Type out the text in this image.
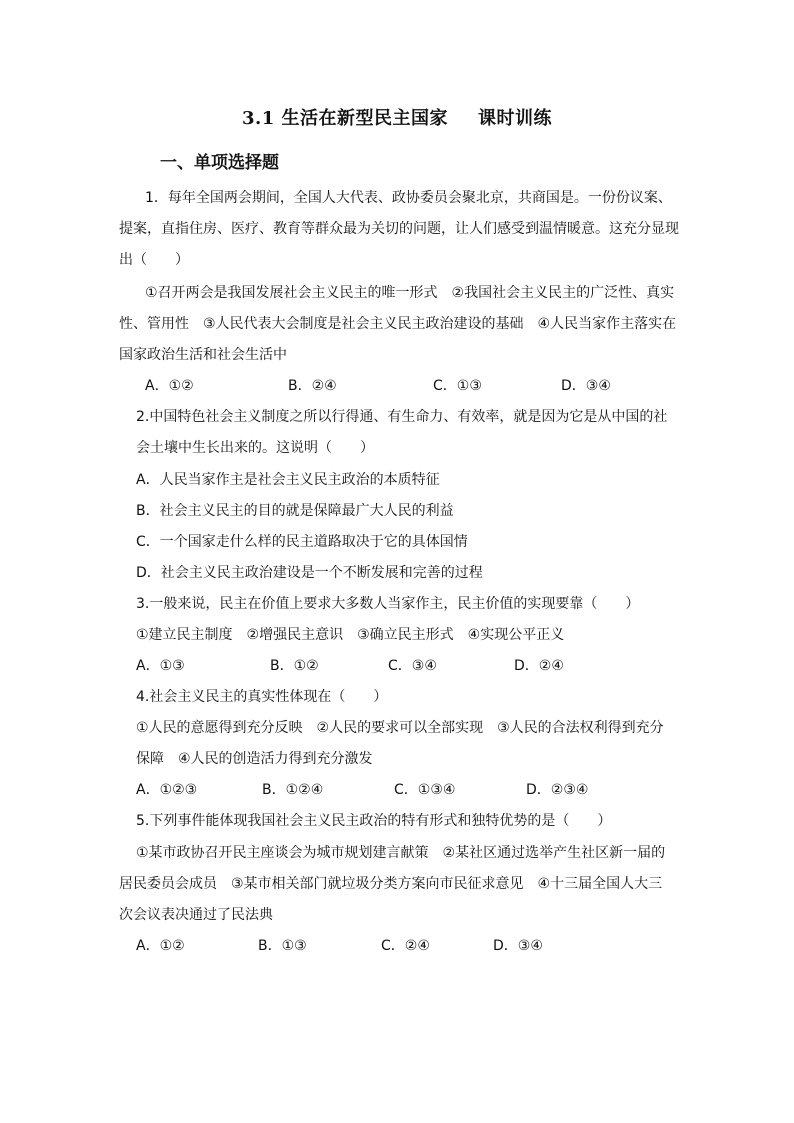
3.1 生活在新型民主国家 课时训练
一、单项选择题
1．每年全国两会期间，全国人大代表、政协委员会聚北京，共商国是。一份份议案、
提案，直指住房、医疗、教育等群众最为关切的问题，让人们感受到温情暖意。这充分显现
出（　　）
①召开两会是我国发展社会主义民主的唯一形式　②我国社会主义民主的广泛性、真实
性、管用性　③人民代表大会制度是社会主义民主政治建设的基础　④人民当家作主落实在
国家政治生活和社会生活中
A．①②	B．②④	C．①③	D．③④
2.中国特色社会主义制度之所以行得通、有生命力、有效率，就是因为它是从中国的社
会土壤中生长出来的。这说明（　　）
A．人民当家作主是社会主义民主政治的本质特征
B．社会主义民主的目的就是保障最广大人民的利益
C．一个国家走什么样的民主道路取决于它的具体国情
D．社会主义民主政治建设是一个不断发展和完善的过程
3.一般来说，民主在价值上要求大多数人当家作主，民主价值的实现要靠（　　）
①建立民主制度　②增强民主意识　③确立民主形式　④实现公平正义
A．①③	B．①②	C．③④	D．②④
4.社会主义民主的真实性体现在（　　）
①人民的意愿得到充分反映　②人民的要求可以全部实现　③人民的合法权利得到充分
保障　④人民的创造活力得到充分激发
A．①②③	B．①②④	C．①③④	D．②③④
5.下列事件能体现我国社会主义民主政治的特有形式和独特优势的是（　　）
①某市政协召开民主座谈会为城市规划建言献策　②某社区通过选举产生社区新一届的
居民委员会成员　③某市相关部门就垃圾分类方案向市民征求意见　④十三届全国人大三
次会议表决通过了民法典
A．①②	B．①③	C．②④	D．③④
